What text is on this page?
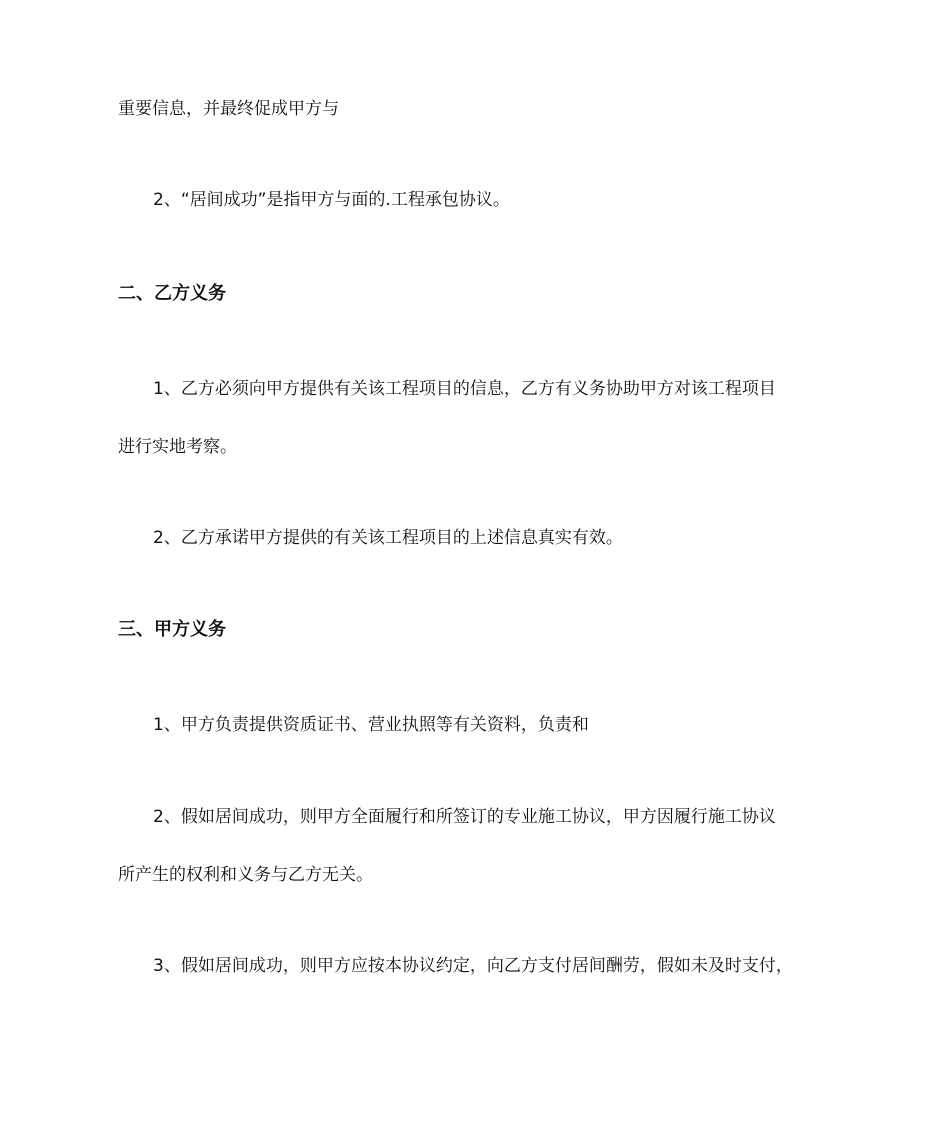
重要信息，并最终促成甲方与
2、“居间成功”是指甲方与面的.工程承包协议。
二、乙方义务
1、乙方必须向甲方提供有关该工程项目的信息，乙方有义务协助甲方对该工程项目
进行实地考察。
2、乙方承诺甲方提供的有关该工程项目的上述信息真实有效。
三、甲方义务
1、甲方负责提供资质证书、营业执照等有关资料，负责和
2、假如居间成功，则甲方全面履行和所签订的专业施工协议，甲方因履行施工协议
所产生的权利和义务与乙方无关。
3、假如居间成功，则甲方应按本协议约定，向乙方支付居间酬劳，假如未及时支付，
